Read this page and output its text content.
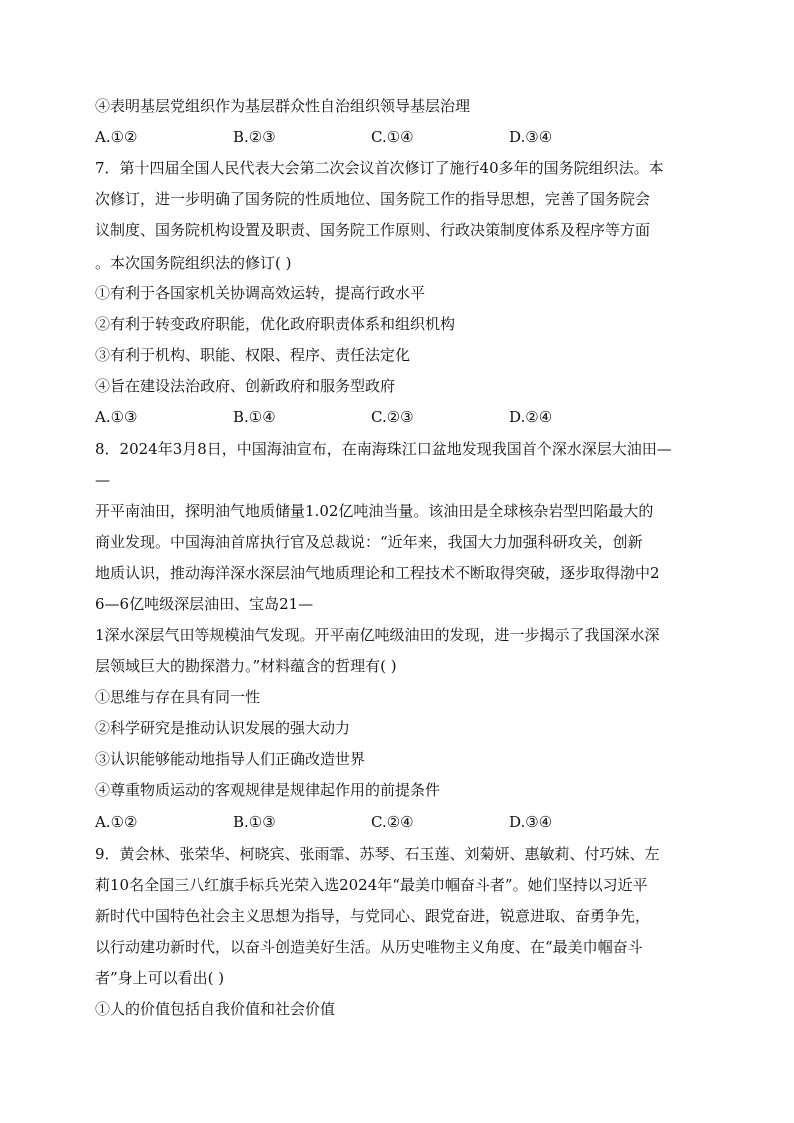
④表明基层党组织作为基层群众性自治组织领导基层治理
A.①②	B.②③	C.①④	D.③④
7．第十四届全国人民代表大会第二次会议首次修订了施行40多年的国务院组织法。本
次修订，进一步明确了国务院的性质地位、国务院工作的指导思想，完善了国务院会
议制度、国务院机构设置及职责、国务院工作原则、行政决策制度体系及程序等方面
。本次国务院组织法的修订( )
①有利于各国家机关协调高效运转，提高行政水平
②有利于转变政府职能，优化政府职责体系和组织机构
③有利于机构、职能、权限、程序、责任法定化
④旨在建设法治政府、创新政府和服务型政府
A.①③	B.①④	C.②③	D.②④
8．2024年3月8日，中国海油宣布，在南海珠江口盆地发现我国首个深水深层大油田—
—
开平南油田，探明油气地质储量1.02亿吨油当量。该油田是全球核杂岩型凹陷最大的
商业发现。中国海油首席执行官及总裁说：“近年来，我国大力加强科研攻关，创新
地质认识，推动海洋深水深层油气地质理论和工程技术不断取得突破，逐步取得渤中2
6—6亿吨级深层油田、宝岛21—
1深水深层气田等规模油气发现。开平南亿吨级油田的发现，进一步揭示了我国深水深
层领域巨大的勘探潜力。”材料蕴含的哲理有( )
①思维与存在具有同一性
②科学研究是推动认识发展的强大动力
③认识能够能动地指导人们正确改造世界
④尊重物质运动的客观规律是规律起作用的前提条件
A.①②	B.①③	C.②④	D.③④
9．黄会林、张荣华、柯晓宾、张雨霏、苏琴、石玉莲、刘菊妍、惠敏莉、付巧妹、左
莉10名全国三八红旗手标兵光荣入选2024年“最美巾帼奋斗者”。她们坚持以习近平
新时代中国特色社会主义思想为指导，与党同心、跟党奋进，锐意进取、奋勇争先，
以行动建功新时代，以奋斗创造美好生活。从历史唯物主义角度、在“最美巾帼奋斗
者”身上可以看出( )
①人的价值包括自我价值和社会价值
